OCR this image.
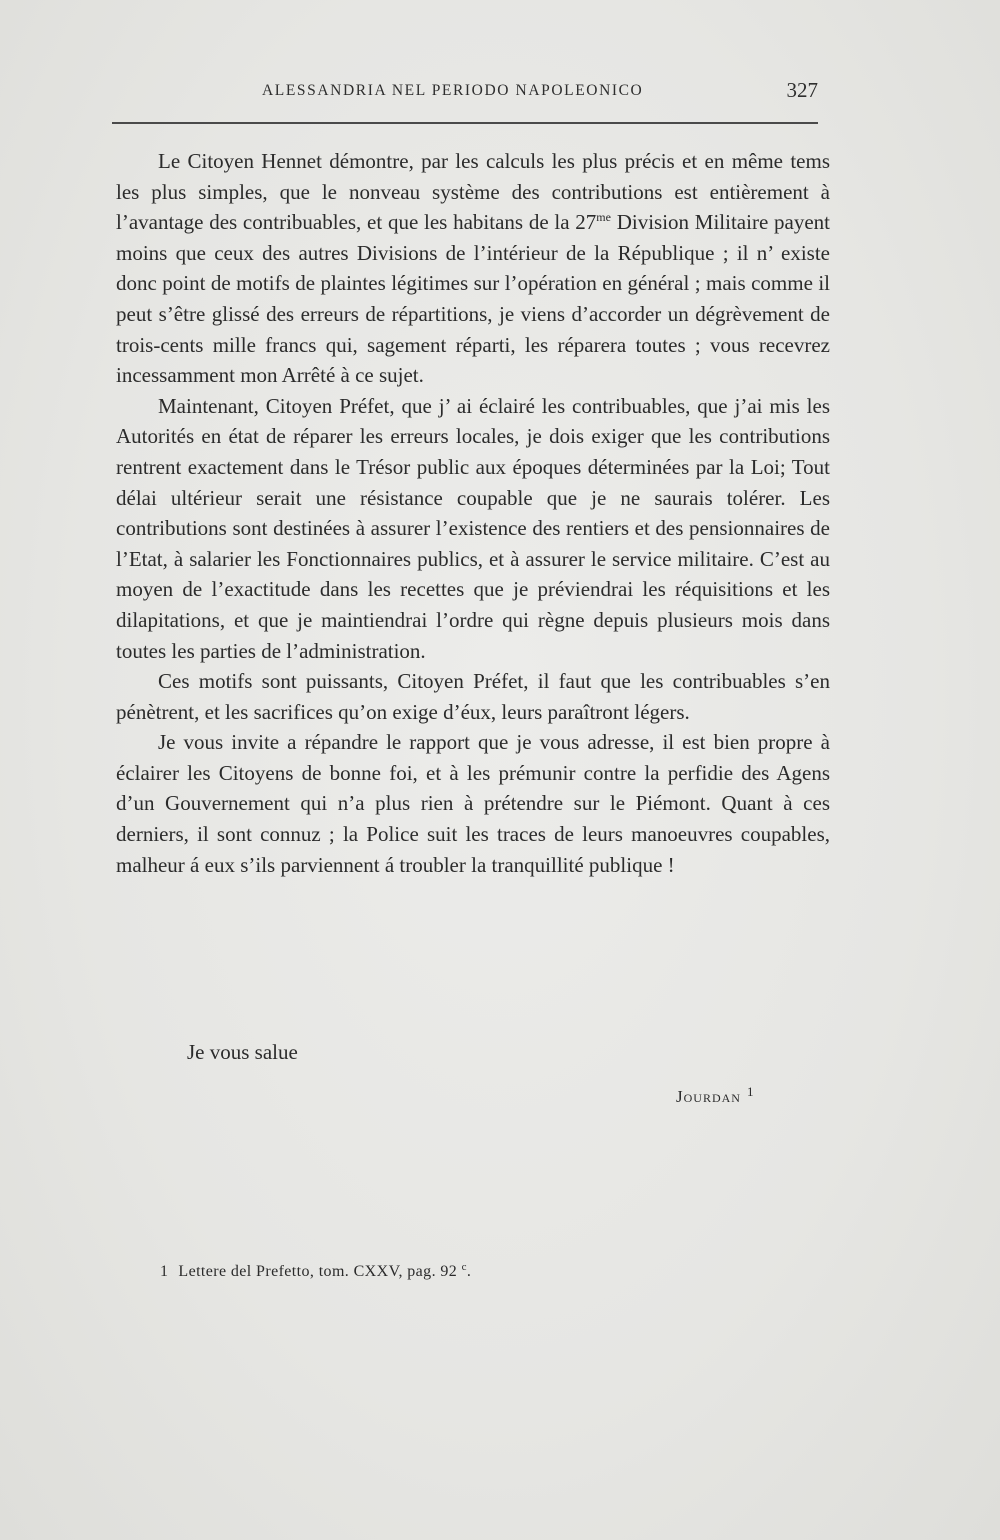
ALESSANDRIA NEL PERIODO NAPOLEONICO	327

Le Citoyen Hennet démontre, par les calculs les plus précis et en même tems les plus simples, que le nonveau système des contributions est entièrement à l’avantage des contribuables, et que les habitans de la $27^{me}$ Division Militaire payent moins que ceux des autres Divisions de l’intérieur de la République ; il n’ existe donc point de motifs de plaintes légitimes sur l’opération en général ; mais comme il peut s’être glissé des erreurs de répartitions, je viens d’accorder un dégrèvement de trois-cents mille francs qui, sagement réparti, les réparera toutes ; vous recevrez incessamment mon Arrêté à ce sujet.

Maintenant, Citoyen Préfet, que j’ ai éclairé les contribuables, que j’ai mis les Autorités en état de réparer les erreurs locales, je dois exiger que les contributions rentrent exactement dans le Trésor public aux époques déterminées par la Loi; Tout délai ultérieur serait une résistance coupable que je ne saurais tolérer. Les contributions sont destinées à assurer l’existence des rentiers et des pensionnaires de l’Etat, à salarier les Fonctionnaires publics, et à assurer le service militaire. C’est au moyen de l’exactitude dans les recettes que je préviendrai les réquisitions et les dilapitations, et que je maintiendrai l’ordre qui règne depuis plusieurs mois dans toutes les parties de l’administration.

Ces motifs sont puissants, Citoyen Préfet, il faut que les contribuables s’en pénètrent, et les sacrifices qu’on exige d’éux, leurs paraîtront légers.

Je vous invite a répandre le rapport que je vous adresse, il est bien propre à éclairer les Citoyens de bonne foi, et à les prémunir contre la perfidie des Agens d’un Gouvernement qui n’a plus rien à prétendre sur le Piémont. Quant à ces derniers, il sont connuz ; la Police suit les traces de leurs manoeuvres coupables, malheur á eux s’ils parviennent á troubler la tranquillité publique !

Je vous salue
Jourdan $^1$
1 Lettere del Prefetto, tom. CXXV, pag. 92 $^c$.
